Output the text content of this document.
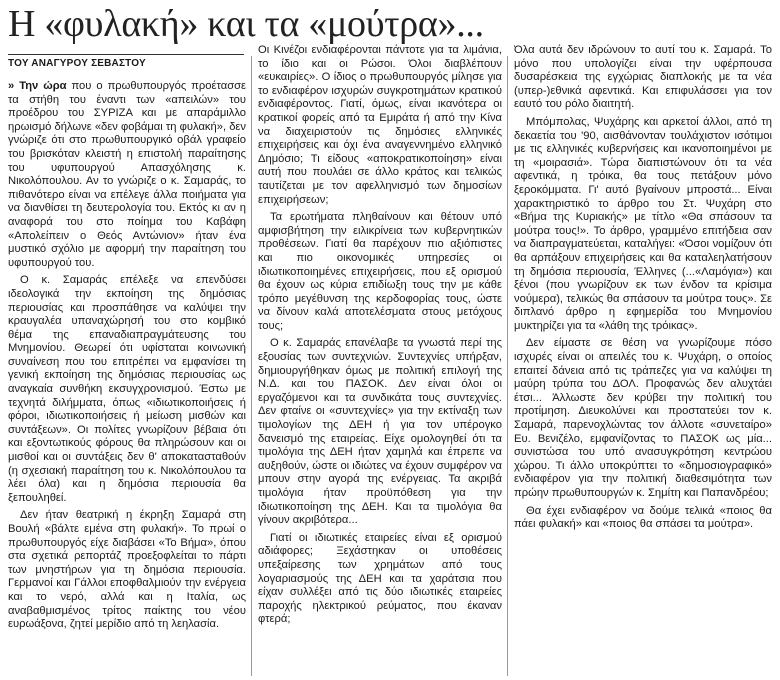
Η «φυλακή» και τα «μούτρα»...
ΤΟΥ ΑΝΑΓΥΡΟΥ ΣΕΒΑΣΤΟΥ

» Την ώρα που ο πρωθυπουργός προέτασσε τα στήθη του έναντι των «απειλών» του προέδρου του ΣΥΡΙΖΑ και με απαράμιλλο ηρωισμό δήλωνε «δεν φοβάμαι τη φυλακή», δεν γνώριζε ότι στο πρωθυπουργικό οβάλ γραφείο του βρισκόταν κλειστή η επιστολή παραίτησης του υφυπουργού Απασχόλησης κ. Νικολόπουλου. Αν το γνώριζε ο κ. Σαμαράς, το πιθανότερο είναι να επέλεγε άλλα ποιήματα για να διανθίσει τη δευτερολογία του. Εκτός κι αν η αναφορά του στο ποίημα του Καβάφη «Απολείπειν ο Θεός Αντώνιον» ήταν ένα μυστικό σχόλιο με αφορμή την παραίτηση του υφυπουργού του.

Ο κ. Σαμαράς επέλεξε να επενδύσει ιδεολογικά την εκποίηση της δημόσιας περιουσίας και προσπάθησε να καλύψει την κραυγαλέα υπαναχώρησή του στο κομβικό θέμα της επαναδιαπραγμάτευσης του Μνημονίου. Θεωρεί ότι υφίσταται κοινωνική συναίνεση που του επιτρέπει να εμφανίσει τη γενική εκποίηση της δημόσιας περιουσίας ως αναγκαία συνθήκη εκσυγχρονισμού. Έστω με τεχνητά διλήμματα, όπως «ιδιωτικοποιήσεις ή φόροι, ιδιωτικοποιήσεις ή μείωση μισθών και συντάξεων». Οι πολίτες γνωρίζουν βέβαια ότι και εξοντωτικούς φόρους θα πληρώσουν και οι μισθοί και οι συντάξεις δεν θ' αποκατασταθούν (η σχεσιακή παραίτηση του κ. Νικολόπουλου τα λέει όλα) και η δημόσια περιουσία θα ξεπουληθεί.

Δεν ήταν θεατρική η έκρηξη Σαμαρά στη Βουλή «βάλτε εμένα στη φυλακή». Το πρωί ο πρωθυπουργός είχε διαβάσει «Το Βήμα», όπου στα σχετικά ρεπορτάζ προεξοφλείται το πάρτι των μνηστήρων για τη δημόσια περιουσία. Γερμανοί και Γάλλοι εποφθαλμιούν την ενέργεια και το νερό, αλλά και η Ιταλία, ως αναβαθμισμένος τρίτος παίκτης του νέου ευρωάξονα, ζητεί μερίδιο από τη λεηλασία.

Οι Κινέζοι ενδιαφέρονται πάντοτε για τα λιμάνια, το ίδιο και οι Ρώσοι. Όλοι διαβλέπουν «ευκαιρίες». Ο ίδιος ο πρωθυπουργός μίλησε για το ενδιαφέρον ισχυρών συγκροτημάτων κρατικού ενδιαφέροντος. Γιατί, όμως, είναι ικανότερα οι κρατικοί φορείς από τα Εμιράτα ή από την Κίνα να διαχειριστούν τις δημόσιες ελληνικές επιχειρήσεις και όχι ένα αναγεννημένο ελληνικό Δημόσιο; Τι είδους «αποκρατικοποίηση» είναι αυτή που πουλάει σε άλλο κράτος και τελικώς ταυτίζεται με τον αφελληνισμό των δημοσίων επιχειρήσεων;

Τα ερωτήματα πληθαίνουν και θέτουν υπό αμφισβήτηση την ειλικρίνεια των κυβερνητικών προθέσεων. Γιατί θα παρέχουν πιο αξιόπιστες και πιο οικονομικές υπηρεσίες οι ιδιωτικοποιημένες επιχειρήσεις, που εξ ορισμού θα έχουν ως κύρια επιδίωξη τους την με κάθε τρόπο μεγέθυνση της κερδοφορίας τους, ώστε να δίνουν καλά αποτελέσματα στους μετόχους τους;

Ο κ. Σαμαράς επανέλαβε τα γνωστά περί της εξουσίας των συντεχνιών. Συντεχνίες υπήρξαν, δημιουργήθηκαν όμως με πολιτική επιλογή της Ν.Δ. και του ΠΑΣΟΚ. Δεν είναι όλοι οι εργαζόμενοι και τα συνδικάτα τους συντεχνίες. Δεν φταίνε οι «συντεχνίες» για την εκτίναξη των τιμολογίων της ΔΕΗ ή για τον υπέρογκο δανεισμό της εταιρείας. Είχε ομολογηθεί ότι τα τιμολόγια της ΔΕΗ ήταν χαμηλά και έπρεπε να αυξηθούν, ώστε οι ιδιώτες να έχουν συμφέρον να μπουν στην αγορά της ενέργειας. Τα ακριβά τιμολόγια ήταν προϋπόθεση για την ιδιωτικοποίηση της ΔΕΗ. Και τα τιμολόγια θα γίνουν ακριβότερα...

Γιατί οι ιδιωτικές εταιρείες είναι εξ ορισμού αδιάφορες; Ξεχάστηκαν οι υποθέσεις υπεξαίρεσης των χρημάτων από τους λογαριασμούς της ΔΕΗ και τα χαράτσια που είχαν συλλέξει από τις δύο ιδιωτικές εταιρείες παροχής ηλεκτρικού ρεύματος, που έκαναν φτερά;

Όλα αυτά δεν ιδρώνουν το αυτί του κ. Σαμαρά. Το μόνο που υπολογίζει είναι την υφέρπουσα δυσαρέσκεια της εγχώριας διαπλοκής με τα νέα (υπερ-)εθνικά αφεντικά. Και επιφυλάσσει για τον εαυτό του ρόλο διαιτητή.

Μπόμπολας, Ψυχάρης και αρκετοί άλλοι, από τη δεκαετία του '90, αισθάνονταν τουλάχιστον ισότιμοι με τις ελληνικές κυβερνήσεις και ικανοποιημένοι με τη «μοιρασιά». Τώρα διαπιστώνουν ότι τα νέα αφεντικά, η τρόικα, θα τους πετάξουν μόνο ξεροκόμματα. Γι' αυτό βγαίνουν μπροστά... Είναι χαρακτηριστικό το άρθρο του Στ. Ψυχάρη στο «Βήμα της Κυριακής» με τίτλο «Θα σπάσουν τα μούτρα τους!». Το άρθρο, γραμμένο επιτήδεια σαν να διαπραγματεύεται, καταλήγει: «Όσοι νομίζουν ότι θα αρπάξουν επιχειρήσεις και θα καταλεηλατήσουν τη δημόσια περιουσία, Έλληνες (...«Λαμόγια») και ξένοι (που γνωρίζουν εκ των ένδον τα κρίσιμα νούμερα), τελικώς θα σπάσουν τα μούτρα τους». Σε διπλανό άρθρο η εφημερίδα του Μνημονίου μυκτηρίζει για τα «λάθη της τρόικας».

Δεν είμαστε σε θέση να γνωρίζουμε πόσο ισχυρές είναι οι απειλές του κ. Ψυχάρη, ο οποίος επαιτεί δάνεια από τις τράπεζες για να καλύψει τη μαύρη τρύπα του ΔΟΛ. Προφανώς δεν αλυχτάει έτσι... Άλλωστε δεν κρύβει την πολιτική του προτίμηση. Διευκολύνει και προστατεύει τον κ. Σαμαρά, παρενοχλώντας τον άλλοτε «συνεταίρο» Ευ. Βενιζέλο, εμφανίζοντας το ΠΑΣΟΚ ως μία... συνιστώσα του υπό ανασυγκρότηση κεντρώου χώρου. Τι άλλο υποκρύπτει το «δημοσιογραφικό» ενδιαφέρον για την πολιτική διαθεσιμότητα των πρώην πρωθυπουργών κ. Σημίτη και Παπανδρέου;

Θα έχει ενδιαφέρον να δούμε τελικά «ποιος θα πάει φυλακή» και «ποιος θα σπάσει τα μούτρα».
